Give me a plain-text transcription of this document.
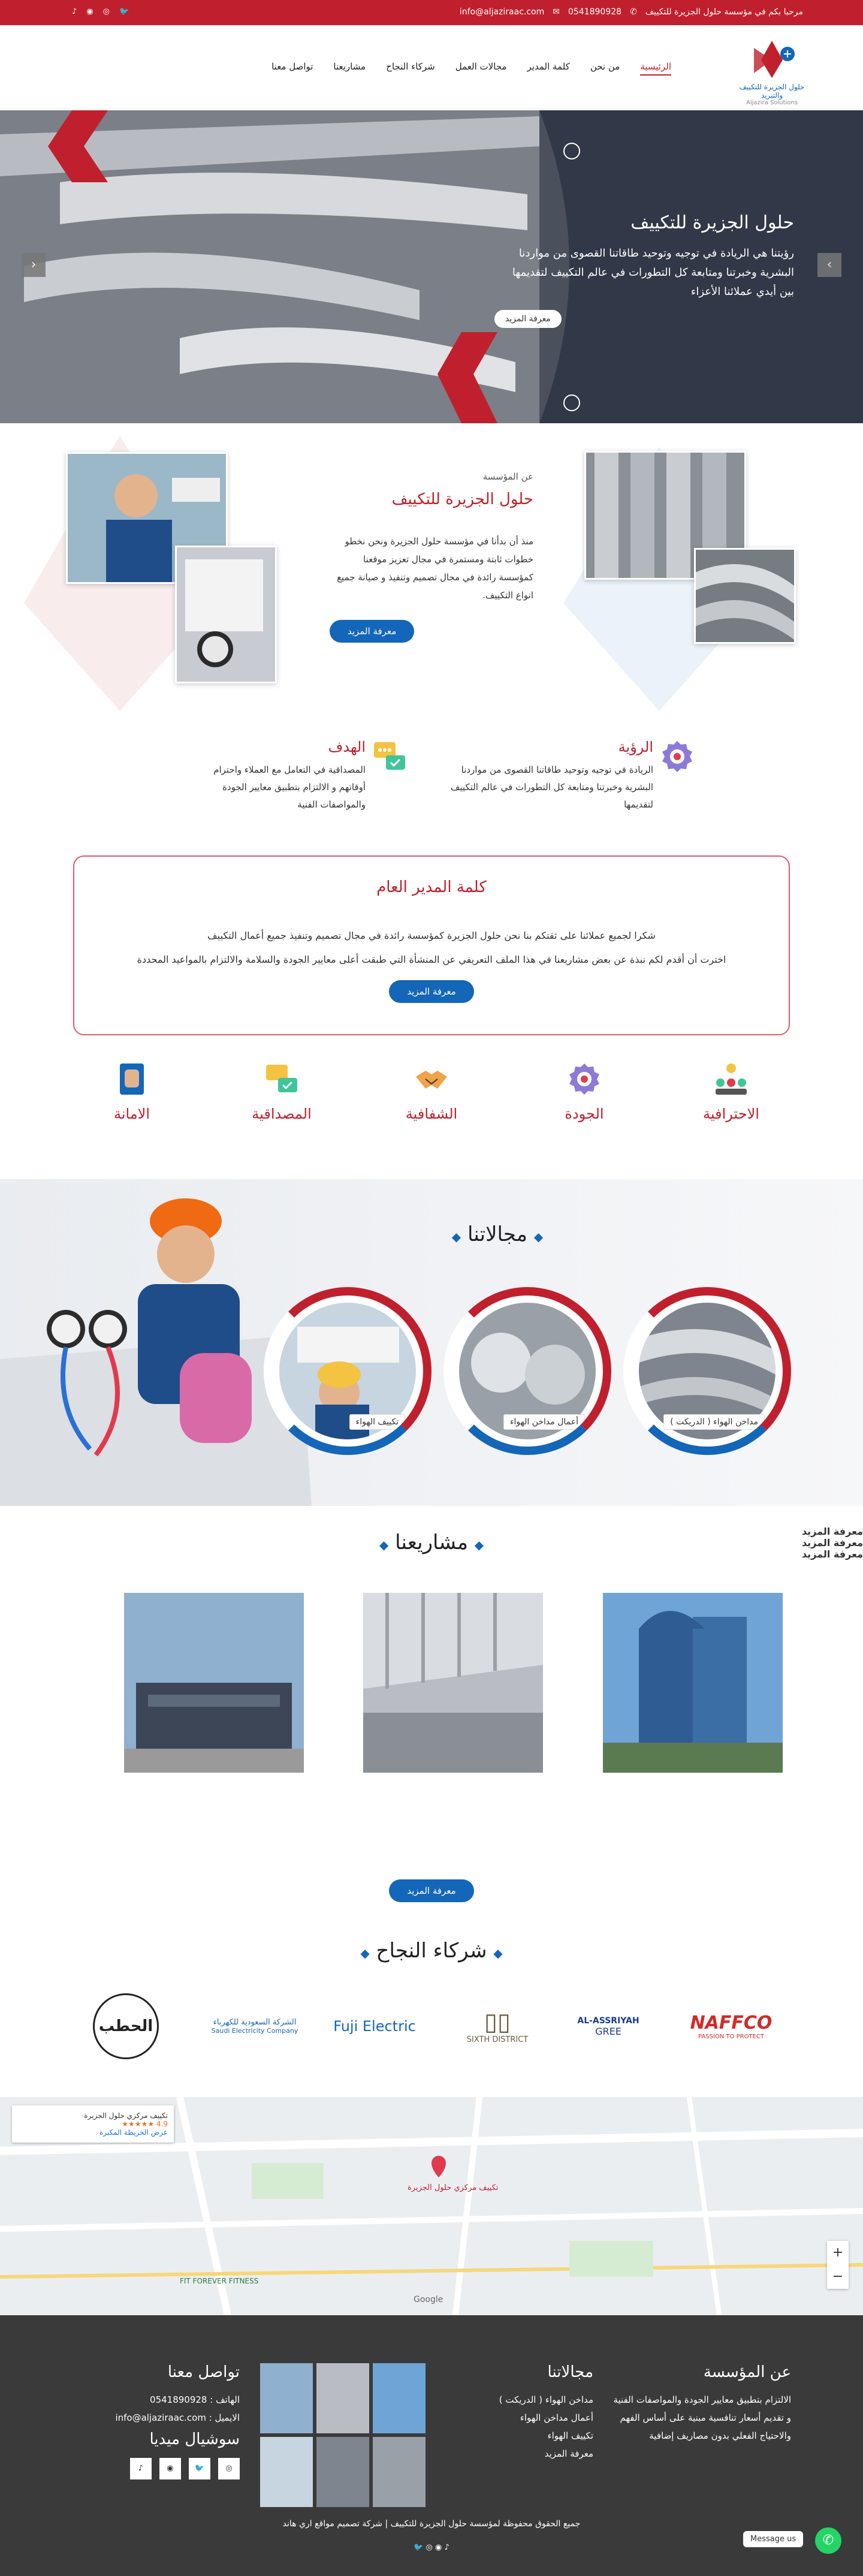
مرحبا بكم في مؤسسة حلول الجزيرة للتكييف
✆
0541890928
✉
info@aljaziraac.com
🐦
◎
◉
♪
حلول الجزيرة للتكييف والتبريد
Aljazira Solutions
الرئيسية
من نحن
كلمة المدير
مجالات العمل
شركاء النجاح
مشاريعنا
تواصل معنا
حلول الجزيرة للتكييف

رؤيتنا هي الريادة في توجيه وتوحيد طاقاتنا القصوى من مواردنا البشرية وخبرتنا ومتابعة كل التطورات في عالم التكييف لتقديمها بين أيدي عملائنا الأعزاء

معرفة المزيد
‹	›
عن المؤسسة
حلول الجزيرة للتكييف

منذ أن بدأنا في مؤسسة حلول الجزيرة ونحن نخطو خطوات ثابتة ومستمرة في مجال تعزيز موقعنا كمؤسسة رائدة في مجال تصميم وتنفيذ و صيانة جميع انواع التكييف.

معرفة المزيد
الرؤية

الريادة في توجيه وتوحيد طاقاتنا القصوى من مواردنا البشرية وخبرتنا ومتابعة كل التطورات في عالم التكييف لتقديمها

الهدف

المصداقية في التعامل مع العملاء واحترام أوقاتهم و الالتزام بتطبيق معايير الجودة والمواصفات الفنية

كلمة المدير العام

شكرا لجميع عملائنا على ثقتكم بنا نحن حلول الجزيرة كمؤسسة رائدة في مجال تصميم وتنفيذ جميع أعمال التكييف

اخترت أن أقدم لكم نبذة عن بعض مشاريعنا في هذا الملف التعريفي عن المنشأة التي طبقت أعلى معايير الجودة والسلامة والالتزام بالمواعيد المحددة

معرفة المزيد
الاحترافية
الجودة
الشفافية
المصداقية
الامانة
◆ مجالاتنا ◆
مداخن الهواء ( الدريكت )
أعمال مداخن الهواء
تكييف الهواء
◆ مشاريعنا ◆
معرفة المزيد
معرفة المزيد
معرفة المزيد
معرفة المزيد
◆ شركاء النجاح ◆
NAFFCO
PASSION TO PROTECT
AL-ASSRIYAH
GREE
▯▯
SIXTH DISTRICT
Fuji Electric
الشركة السعودية للكهرباء
Saudi Electricity Company
الحطب
تكييف مركزي حلول الجزيرة
4.9 ★★★★★
عرض الخريطة المكبرة
تكييف مركزي حلول الجزيرة
FIT FOREVER FITNESS
Google
+
−
عن المؤسسة

الالتزام بتطبيق معايير الجودة والمواصفات الفنية و تقديم أسعار تنافسية مبنية على أساس الفهم والاحتياج الفعلي بدون مصاريف إضافية

مجالاتنا

مداخن الهواء ( الدريكت )

أعمال مداخن الهواء

تكييف الهواء

معرفة المزيد

تواصل معنا

الهاتف : 0541890928

الايميل : info@aljaziraac.com

سوشيال ميديا
◎ 🐦 ◉ ♪
جميع الحقوق محفوظة لمؤسسة حلول الجزيرة للتكييف | شركة تصميم مواقع اري هاند
♪ ◉ ◎ 🐦
Message us	✆
